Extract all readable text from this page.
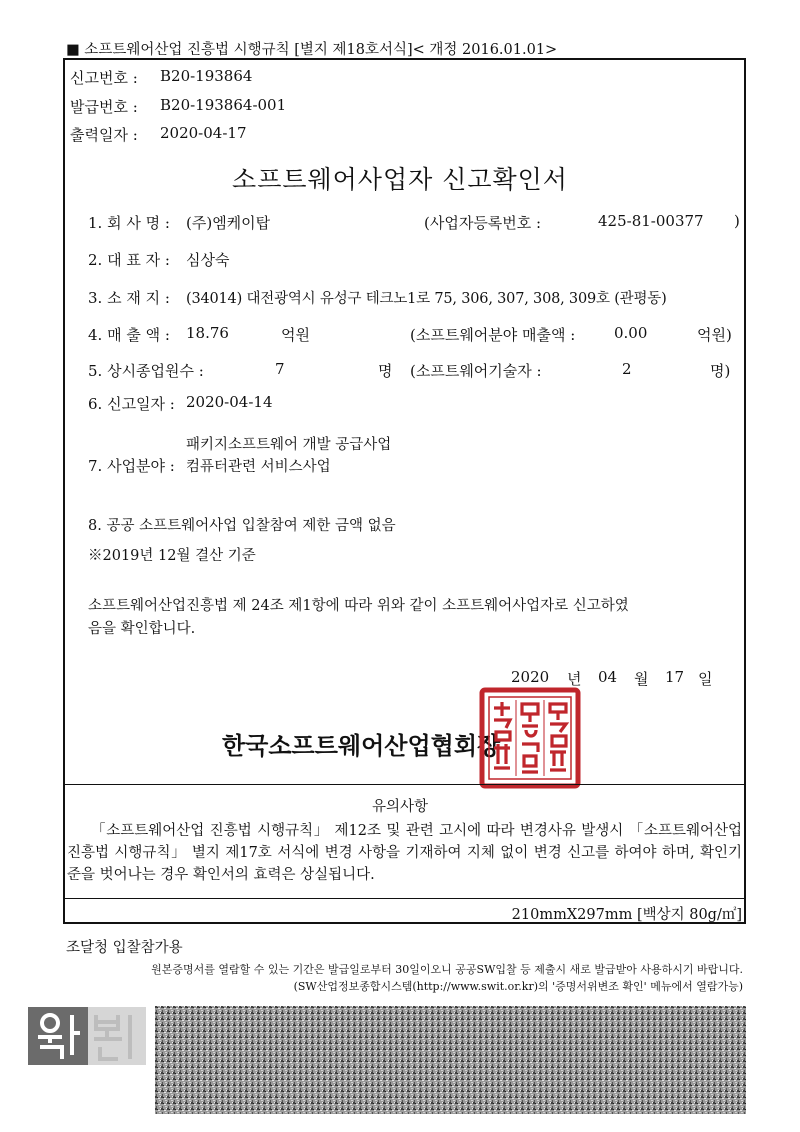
■ 소프트웨어산업 진흥법 시행규칙 [별지 제18호서식]< 개정 2016.01.01>
신고번호 : B20-193864
발급번호 : B20-193864-001
출력일자 : 2020-04-17
소프트웨어사업자 신고확인서
1. 회 사 명 : (주)엠케이탑	(사업자등록번호 :	425-81-00377 )
2. 대 표 자 : 심상숙
3. 소 재 지 : (34014) 대전광역시 유성구 테크노1로 75, 306, 307, 308, 309호 (관평동)
4. 매 출 액 : 18.76	억원	(소프트웨어분야 매출액 :	0.00	억원)
5. 상시종업원수 :	7	명 (소프트웨어기술자 :	2	명)
6. 신고일자 : 2020-04-14
패키지소프트웨어 개발 공급사업
7. 사업분야 : 컴퓨터관련 서비스사업
8. 공공 소프트웨어사업 입찰참여 제한 금액 없음
※2019년 12월 결산 기준
소프트웨어산업진흥법 제 24조 제1항에 따라 위와 같이 소프트웨어사업자로 신고하였
음을 확인합니다.
2020 년 04 월 17 일
한국소프트웨어산업협회장
유의사항
「소프트웨어산업 진흥법 시행규칙」 제12조 및 관련 고시에 따라 변경사유 발생시 「소프트웨어산업 진흥법 시행규칙」 별지 제17호 서식에 변경 사항을 기재하여 지체 없이 변경 신고를 하여야 하며, 확인기준을 벗어나는 경우 확인서의 효력은 상실됩니다.
210mmX297mm [백상지 80g/㎡]
조달청 입찰참가용
원본증명서를 열람할 수 있는 기간은 발급일로부터 30일이오니 공공SW입찰 등 제출시 새로 발급받아 사용하시기 바랍니다.
(SW산업정보종합시스템(http://www.swit.or.kr)의 '증명서위변조 확인' 메뉴에서 열람가능)
